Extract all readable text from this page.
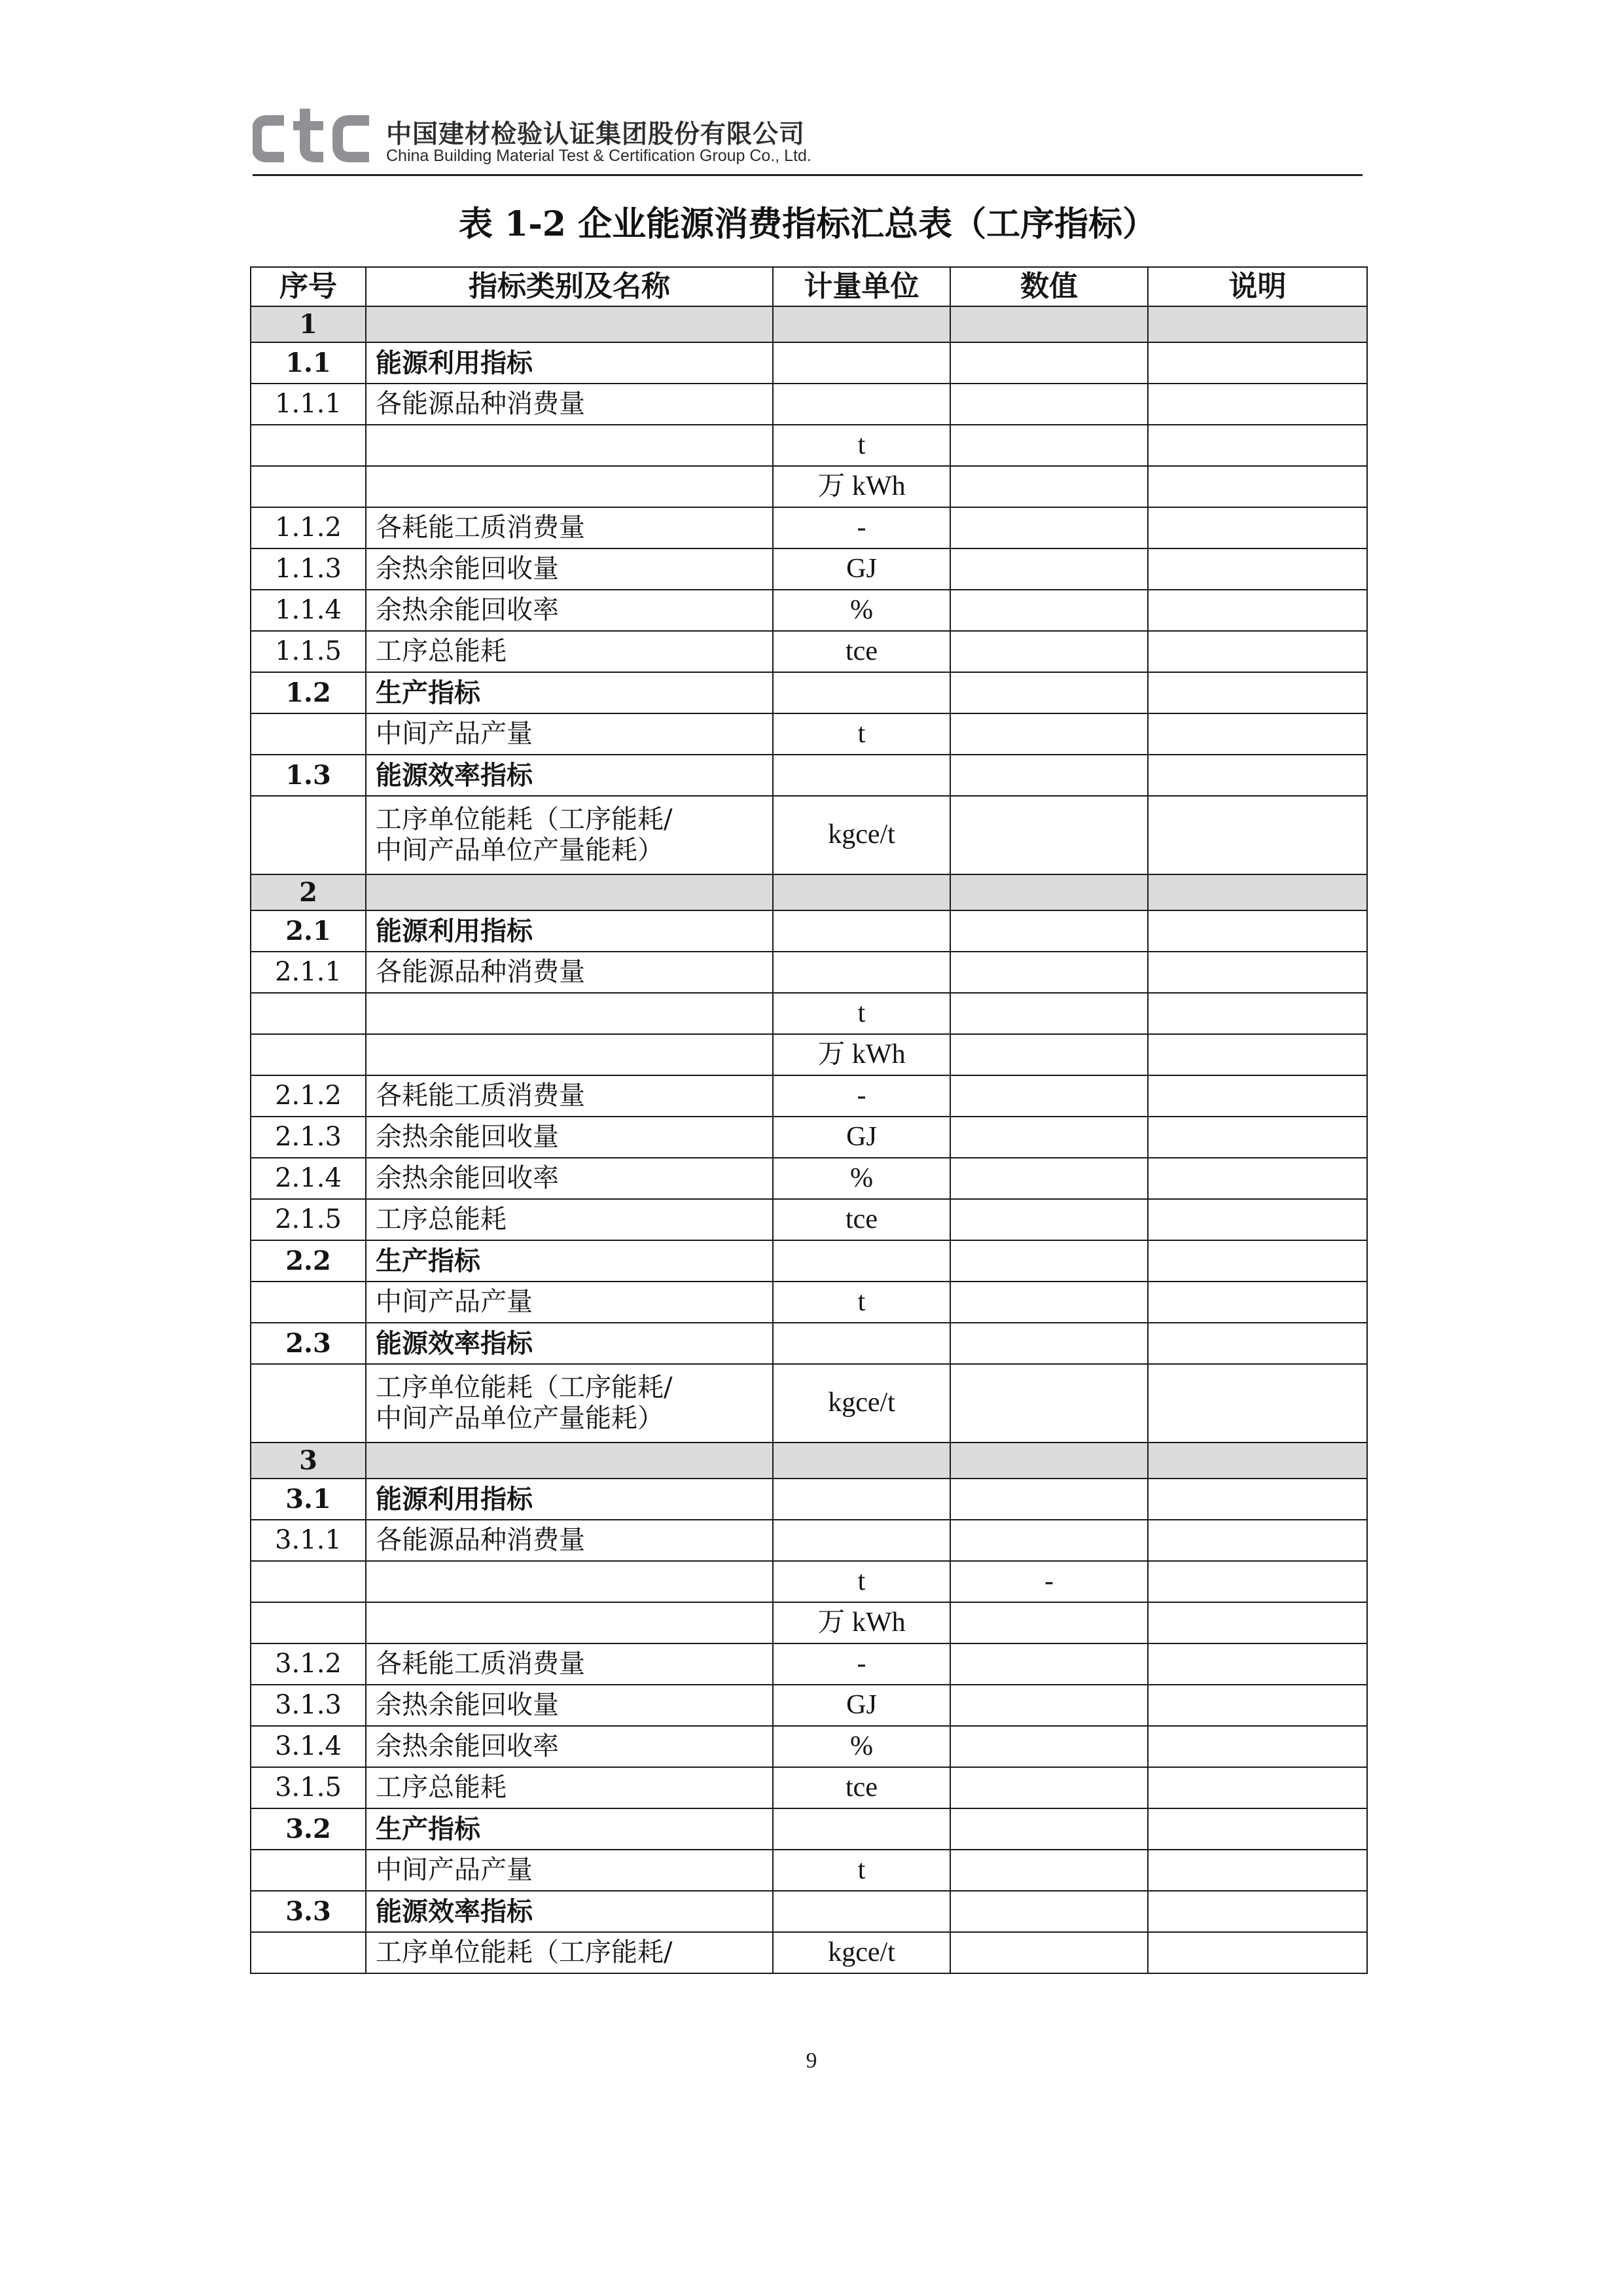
中国建材检验认证集团股份有限公司
China Building Material Test & Certification Group Co., Ltd.
表 1-2 企业能源消费指标汇总表（工序指标）
序号	指标类别及名称	计量单位	数值	说明
1				
1.1	能源利用指标			
1.1.1	各能源品种消费量			
		t		
		万 kWh		
1.1.2	各耗能工质消费量	-		
1.1.3	余热余能回收量	GJ		
1.1.4	余热余能回收率	%		
1.1.5	工序总能耗	tce		
1.2	生产指标			
	中间产品产量	t		
1.3	能源效率指标			
	工序单位能耗（工序能耗/
中间产品单位产量能耗）	kgce/t		
2				
2.1	能源利用指标			
2.1.1	各能源品种消费量			
		t		
		万 kWh		
2.1.2	各耗能工质消费量	-		
2.1.3	余热余能回收量	GJ		
2.1.4	余热余能回收率	%		
2.1.5	工序总能耗	tce		
2.2	生产指标			
	中间产品产量	t		
2.3	能源效率指标			
	工序单位能耗（工序能耗/
中间产品单位产量能耗）	kgce/t		
3				
3.1	能源利用指标			
3.1.1	各能源品种消费量			
		t	-	
		万 kWh		
3.1.2	各耗能工质消费量	-		
3.1.3	余热余能回收量	GJ		
3.1.4	余热余能回收率	%		
3.1.5	工序总能耗	tce		
3.2	生产指标			
	中间产品产量	t		
3.3	能源效率指标			
	工序单位能耗（工序能耗/	kgce/t		
9
